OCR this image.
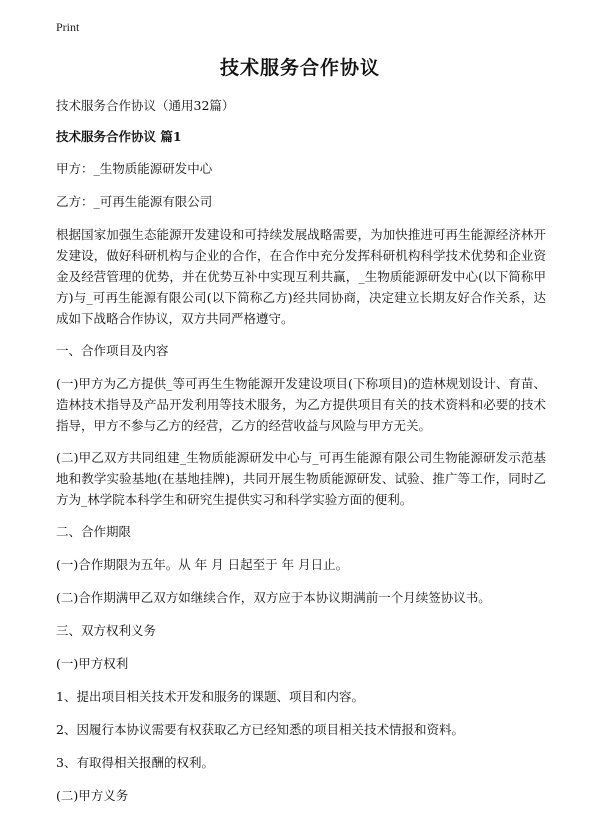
Print
技术服务合作协议

技术服务合作协议（通用32篇）

技术服务合作协议 篇1

甲方：_生物质能源研发中心

乙方：_可再生能源有限公司

根据国家加强生态能源开发建设和可持续发展战略需要，为加快推进可再生能源经济林开发建设，做好科研机构与企业的合作，在合作中充分发挥科研机构科学技术优势和企业资金及经营管理的优势，并在优势互补中实现互利共赢，_生物质能源研发中心(以下简称甲方)与_可再生能源有限公司(以下简称乙方)经共同协商，决定建立长期友好合作关系，达成如下战略合作协议，双方共同严格遵守。

一、合作项目及内容

(一)甲方为乙方提供_等可再生生物能源开发建设项目(下称项目)的造林规划设计、育苗、造林技术指导及产品开发利用等技术服务，为乙方提供项目有关的技术资料和必要的技术指导，甲方不参与乙方的经营，乙方的经营收益与风险与甲方无关。

(二)甲乙双方共同组建_生物质能源研发中心与_可再生能源有限公司生物能源研发示范基地和教学实验基地(在基地挂牌)，共同开展生物质能源研发、试验、推广等工作，同时乙方为_林学院本科学生和研究生提供实习和科学实验方面的便利。

二、合作期限

(一)合作期限为五年。从 年 月 日起至于 年 月日止。

(二)合作期满甲乙双方如继续合作，双方应于本协议期满前一个月续签协议书。

三、双方权利义务

(一)甲方权利

1、提出项目相关技术开发和服务的课题、项目和内容。

2、因履行本协议需要有权获取乙方已经知悉的项目相关技术情报和资料。

3、有取得相关报酬的权利。

(二)甲方义务
